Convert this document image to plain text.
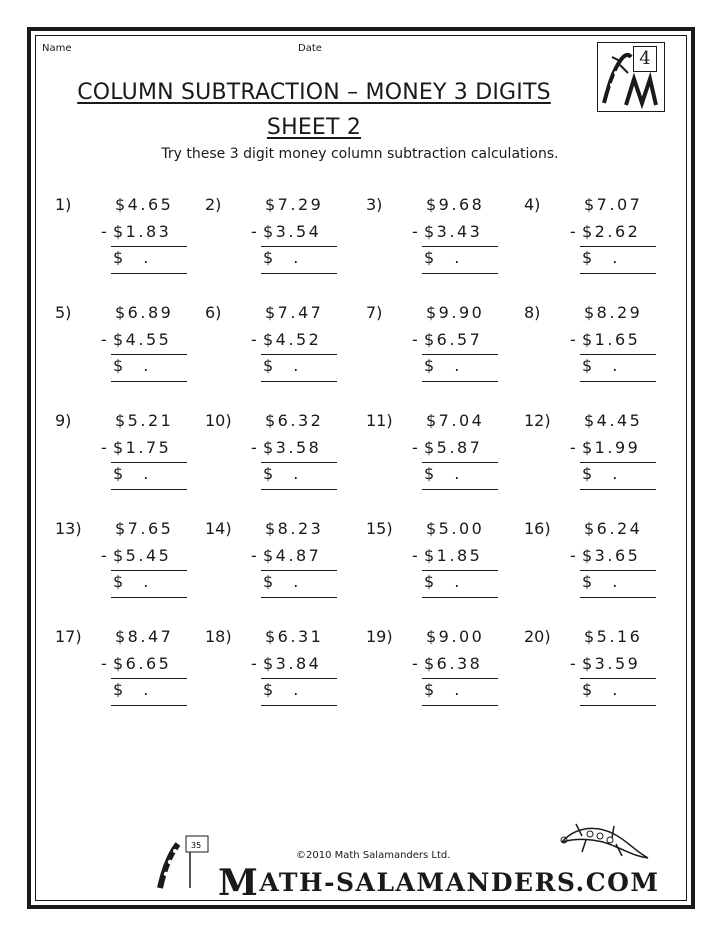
Name	Date
COLUMN SUBTRACTION – MONEY 3 DIGITS
SHEET 2
Try these 3 digit money column subtraction calculations.
4
1)	$4.65
- $1.83
$ .
2)	$7.29
- $3.54
$ .
3)	$9.68
- $3.43
$ .
4)	$7.07
- $2.62
$ .
5)	$6.89
- $4.55
$ .
6)	$7.47
- $4.52
$ .
7)	$9.90
- $6.57
$ .
8)	$8.29
- $1.65
$ .
9)	$5.21
- $1.75
$ .
10) $6.32
- $3.58
$ .
11) $7.04
- $5.87
$ .
12) $4.45
- $1.99
$ .
13) $7.65
- $5.45
$ .
14) $8.23
- $4.87
$ .
15) $5.00
- $1.85
$ .
16) $6.24
- $3.65
$ .
17) $8.47
- $6.65
$ .
18) $6.31
- $3.84
$ .
19) $9.00
- $6.38
$ .
20) $5.16
- $3.59
$ .
35
©2010 Math Salamanders Ltd.
MATH-SALAMANDERS.COM
